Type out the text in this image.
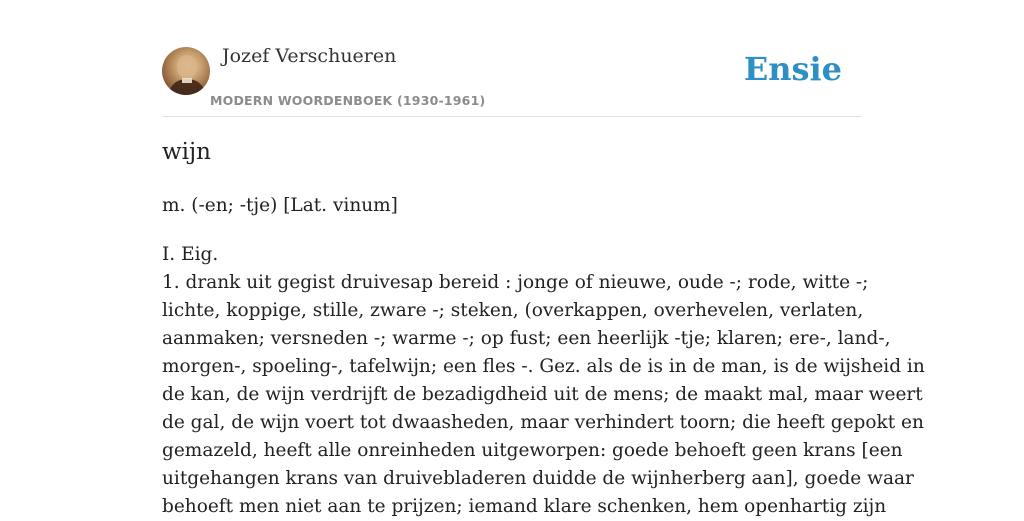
Jozef Verschueren
MODERN WOORDENBOEK (1930-1961)
Ensie
wijn
m. (-en; -tje) [Lat. vinum]
I. Eig.
1. drank uit gegist druivesap bereid : jonge of nieuwe, oude -; rode, witte -;
lichte, koppige, stille, zware -; steken, (overkappen, overhevelen, verlaten,
aanmaken; versneden -; warme -; op fust; een heerlijk -tje; klaren; ere-, land-,
morgen-, spoeling-, tafelwijn; een fles -. Gez. als de is in de man, is de wijsheid in
de kan, de wijn verdrijft de bezadigdheid uit de mens; de maakt mal, maar weert
de gal, de wijn voert tot dwaasheden, maar verhindert toorn; die heeft gepokt en
gemazeld, heeft alle onreinheden uitgeworpen: goede behoeft geen krans [een
uitgehangen krans van druivebladeren duidde de wijnherberg aan], goede waar
behoeft men niet aan te prijzen; iemand klare schenken, hem openhartig zijn
